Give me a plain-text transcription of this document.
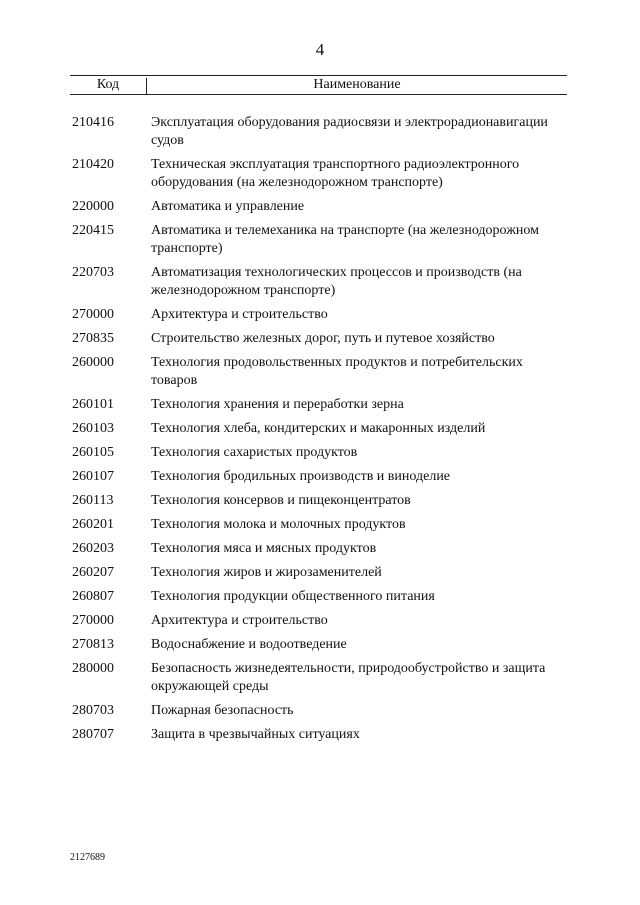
4
Код	Наименование
210416	Эксплуатация оборудования радиосвязи и электрорадионавигации судов
210420	Техническая эксплуатация транспортного радиоэлектронного оборудования (на железнодорожном транспорте)
220000	Автоматика и управление
220415	Автоматика и телемеханика на транспорте (на железнодорожном транспорте)
220703	Автоматизация технологических процессов и производств (на железнодорожном транспорте)
270000	Архитектура и строительство
270835	Строительство железных дорог, путь и путевое хозяйство
260000	Технология продовольственных продуктов и потребительских товаров
260101	Технология хранения и переработки зерна
260103	Технология хлеба, кондитерских и макаронных изделий
260105	Технология сахаристых продуктов
260107	Технология бродильных производств и виноделие
260113	Технология консервов и пищеконцентратов
260201	Технология молока и молочных продуктов
260203	Технология мяса и мясных продуктов
260207	Технология жиров и жирозаменителей
260807	Технология продукции общественного питания
270000	Архитектура и строительство
270813	Водоснабжение и водоотведение
280000	Безопасность жизнедеятельности, природообустройство и защита окружающей среды
280703	Пожарная безопасность
280707	Защита в чрезвычайных ситуациях
2127689
